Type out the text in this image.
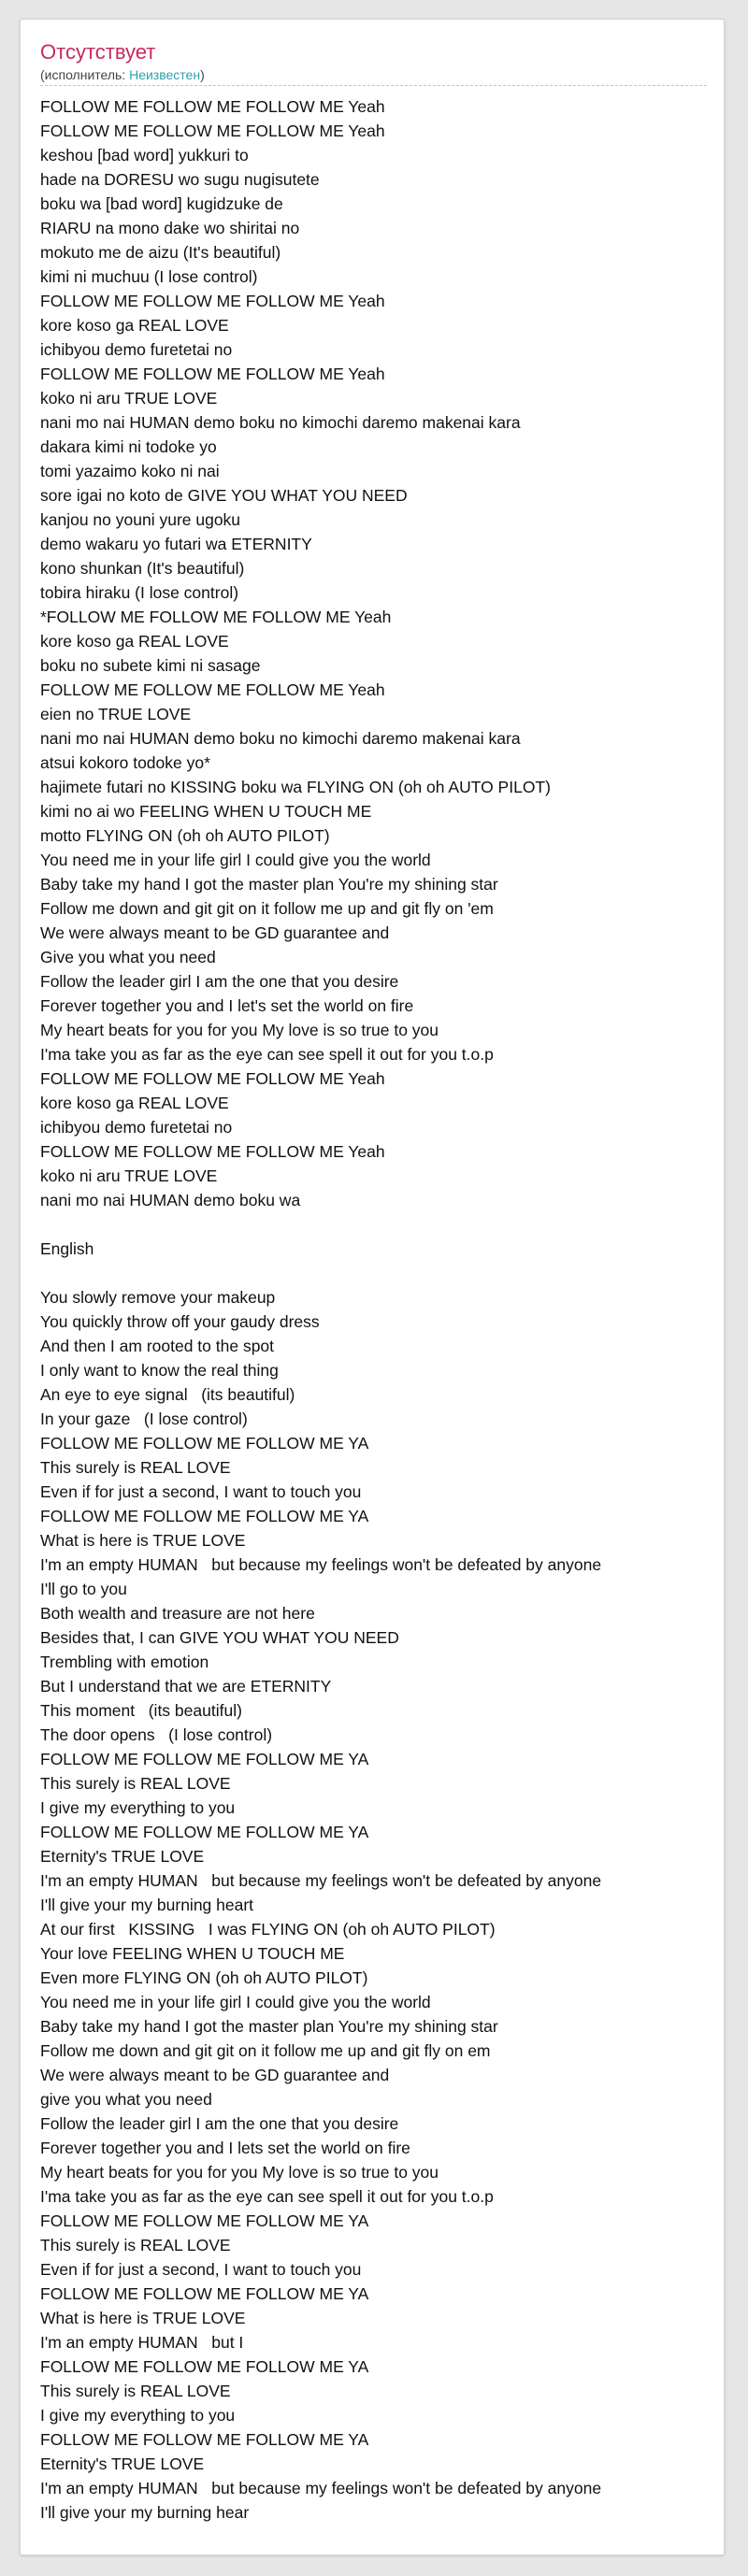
Отсутствует
(исполнитель: Неизвестен)
FOLLOW ME FOLLOW ME FOLLOW ME Yeah
FOLLOW ME FOLLOW ME FOLLOW ME Yeah
keshou [bad word] yukkuri to
hade na DORESU wo sugu nugisutete
boku wa [bad word] kugidzuke de
RIARU na mono dake wo shiritai no
mokuto me de aizu (It's beautiful)
kimi ni muchuu (I lose control)
FOLLOW ME FOLLOW ME FOLLOW ME Yeah
kore koso ga REAL LOVE
ichibyou demo furetetai no
FOLLOW ME FOLLOW ME FOLLOW ME Yeah
koko ni aru TRUE LOVE
nani mo nai HUMAN demo boku no kimochi daremo makenai kara
dakara kimi ni todoke yo
tomi yazaimo koko ni nai
sore igai no koto de GIVE YOU WHAT YOU NEED
kanjou no youni yure ugoku
demo wakaru yo futari wa ETERNITY
kono shunkan (It's beautiful)
tobira hiraku (I lose control)
*FOLLOW ME FOLLOW ME FOLLOW ME Yeah
kore koso ga REAL LOVE
boku no subete kimi ni sasage
FOLLOW ME FOLLOW ME FOLLOW ME Yeah
eien no TRUE LOVE
nani mo nai HUMAN demo boku no kimochi daremo makenai kara
atsui kokoro todoke yo*
hajimete futari no KISSING boku wa FLYING ON (oh oh AUTO PILOT)
kimi no ai wo FEELING WHEN U TOUCH ME
motto FLYING ON (oh oh AUTO PILOT)
You need me in your life girl I could give you the world
Baby take my hand I got the master plan You're my shining star
Follow me down and git git on it follow me up and git fly on 'em
We were always meant to be GD guarantee and
Give you what you need
Follow the leader girl I am the one that you desire
Forever together you and I let's set the world on fire
My heart beats for you for you My love is so true to you
I'ma take you as far as the eye can see spell it out for you t.o.p
FOLLOW ME FOLLOW ME FOLLOW ME Yeah
kore koso ga REAL LOVE
ichibyou demo furetetai no
FOLLOW ME FOLLOW ME FOLLOW ME Yeah
koko ni aru TRUE LOVE
nani mo nai HUMAN demo boku wa
English
You slowly remove your makeup
You quickly throw off your gaudy dress
And then I am rooted to the spot
I only want to know the real thing
An eye to eye signal   (its beautiful)
In your gaze   (I lose control)
FOLLOW ME FOLLOW ME FOLLOW ME YA
This surely is REAL LOVE
Even if for just a second, I want to touch you
FOLLOW ME FOLLOW ME FOLLOW ME YA
What is here is TRUE LOVE
I'm an empty HUMAN   but because my feelings won't be defeated by anyone
I'll go to you
Both wealth and treasure are not here
Besides that, I can GIVE YOU WHAT YOU NEED
Trembling with emotion
But I understand that we are ETERNITY
This moment   (its beautiful)
The door opens   (I lose control)
FOLLOW ME FOLLOW ME FOLLOW ME YA
This surely is REAL LOVE
I give my everything to you
FOLLOW ME FOLLOW ME FOLLOW ME YA
Eternity's TRUE LOVE
I'm an empty HUMAN   but because my feelings won't be defeated by anyone
I'll give your my burning heart
At our first   KISSING   I was FLYING ON (oh oh AUTO PILOT)
Your love FEELING WHEN U TOUCH ME
Even more FLYING ON (oh oh AUTO PILOT)
You need me in your life girl I could give you the world
Baby take my hand I got the master plan You're my shining star
Follow me down and git git on it follow me up and git fly on em
We were always meant to be GD guarantee and
give you what you need
Follow the leader girl I am the one that you desire
Forever together you and I lets set the world on fire
My heart beats for you for you My love is so true to you
I'ma take you as far as the eye can see spell it out for you t.o.p
FOLLOW ME FOLLOW ME FOLLOW ME YA
This surely is REAL LOVE
Even if for just a second, I want to touch you
FOLLOW ME FOLLOW ME FOLLOW ME YA
What is here is TRUE LOVE
I'm an empty HUMAN   but I
FOLLOW ME FOLLOW ME FOLLOW ME YA
This surely is REAL LOVE
I give my everything to you
FOLLOW ME FOLLOW ME FOLLOW ME YA
Eternity's TRUE LOVE
I'm an empty HUMAN   but because my feelings won't be defeated by anyone
I'll give your my burning hear
